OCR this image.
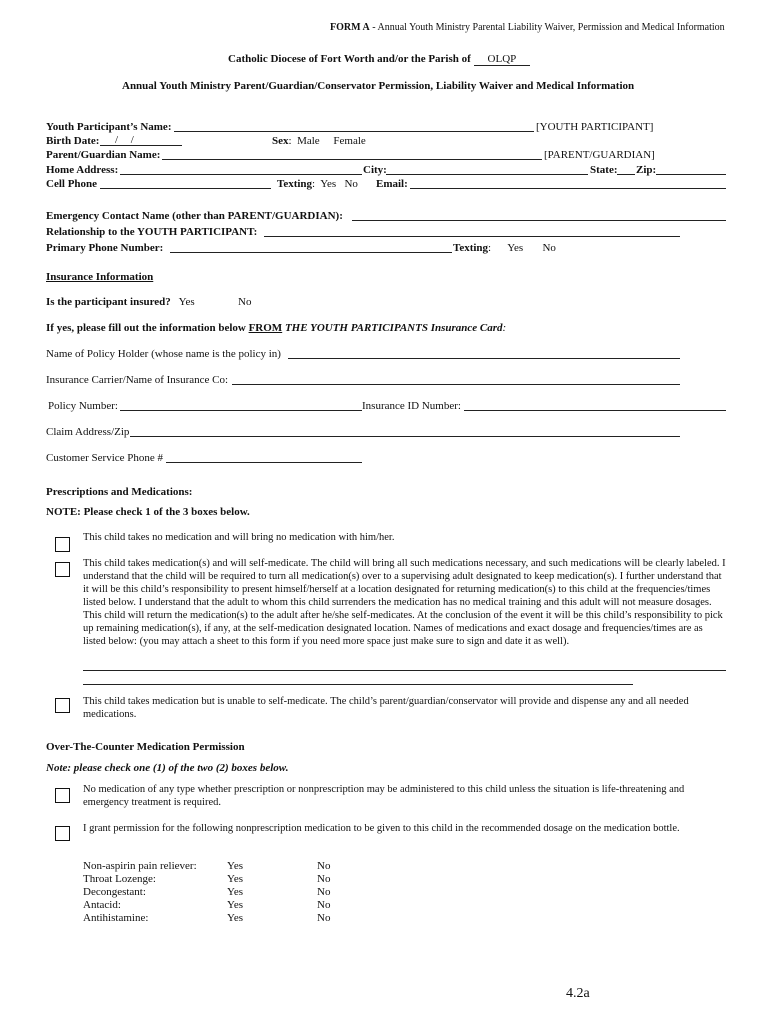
FORM A - Annual Youth Ministry Parental Liability Waiver, Permission and Medical Information
Catholic Diocese of Fort Worth and/or the Parish of OLQP
Annual Youth Ministry Parent/Guardian/Conservator Permission, Liability Waiver and Medical Information
Youth Participant’s Name:	[YOUTH PARTICIPANT]
Birth Date: / /	Sex:  Male Female
Parent/Guardian Name:	[PARENT/GUARDIAN]
Home Address:	City:	State: Zip:
Cell Phone	Texting:  Yes No Email:
Emergency Contact Name (other than PARENT/GUARDIAN):
Relationship to the YOUTH PARTICIPANT:
Primary Phone Number:	Texting:      Yes No
Insurance Information
Is the participant insured? Yes	No
If yes, please fill out the information below FROM THE YOUTH PARTICIPANTS Insurance Card:
Name of Policy Holder (whose name is the policy in)
Insurance Carrier/Name of Insurance Co:
Policy Number:	Insurance ID Number:
Claim Address/Zip
Customer Service Phone #
Prescriptions and Medications:
NOTE: Please check 1 of the 3 boxes below.
This child takes no medication and will bring no medication with him/her.
This child takes medication(s) and will self-medicate. The child will bring all such medications necessary, and such medications will be clearly labeled. I understand that the child will be required to turn all medication(s) over to a supervising adult designated to keep medication(s). I further understand that it will be this child’s responsibility to present himself/herself at a location designated for returning medication(s) to this child at the frequencies/times listed below. I understand that the adult to whom this child surrenders the medication has no medical training and this adult will not measure dosages. This child will return the medication(s) to the adult after he/she self-medicates. At the conclusion of the event it will be this child’s responsibility to pick up remaining medication(s), if any, at the self-medication designated location. Names of medications and exact dosage and frequencies/times are as listed below: (you may attach a sheet to this form if you need more space just make sure to sign and date it as well).
This child takes medication but is unable to self-medicate. The child’s parent/guardian/conservator will provide and dispense any and all needed medications.
Over-The-Counter Medication Permission
Note: please check one (1) of the two (2) boxes below.
No medication of any type whether prescription or nonprescription may be administered to this child unless the situation is life-threatening and emergency treatment is required.
I grant permission for the following nonprescription medication to be given to this child in the recommended dosage on the medication bottle.
Non-aspirin pain reliever:	Yes	No
Throat Lozenge:	Yes	No
Decongestant:	Yes	No
Antacid:	Yes	No
Antihistamine:	Yes	No
4.2a
